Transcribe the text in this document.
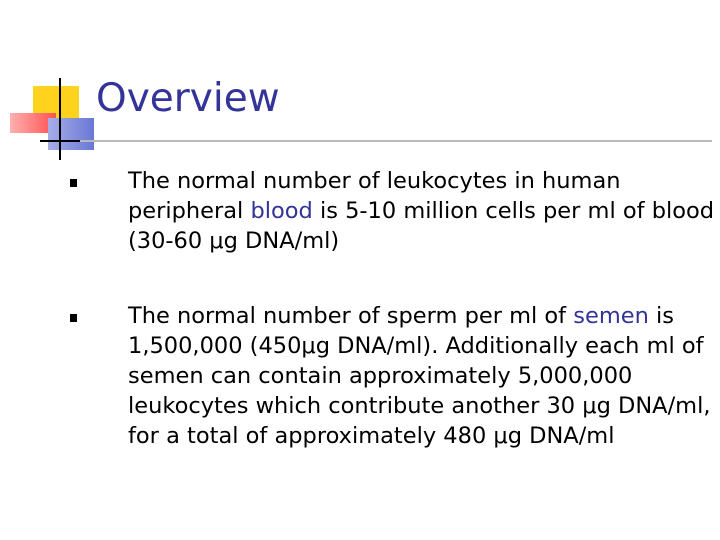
Overview
The normal number of leukocytes in human peripheral blood is 5-10 million cells per ml of blood (30-60 μg DNA/ml)
The normal number of sperm per ml of semen is 1,500,000 (450μg DNA/ml). Additionally each ml of semen can contain approximately 5,000,000 leukocytes which contribute another 30 μg DNA/ml, for a total of approximately 480 μg DNA/ml
